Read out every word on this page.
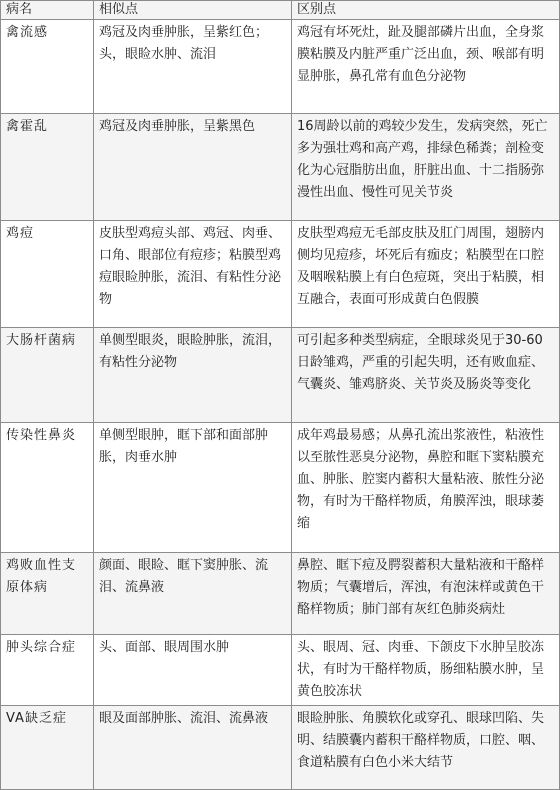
病名	相似点	区别点
禽流感	鸡冠及肉垂肿胀，呈紫红色；头，眼睑水肿、流泪	鸡冠有坏死灶，趾及腿部磷片出血，全身浆膜粘膜及内脏严重广泛出血，颈、喉部有明显肿胀，鼻孔常有血色分泌物
禽霍乱	鸡冠及肉垂肿胀，呈紫黑色	16周龄以前的鸡较少发生，发病突然，死亡多为强壮鸡和高产鸡，排绿色稀粪；剖检变化为心冠脂肪出血，肝脏出血、十二指肠弥漫性出血、慢性可见关节炎
鸡痘	皮肤型鸡痘头部、鸡冠、肉垂、口角、眼部位有痘疹；粘膜型鸡痘眼睑肿胀，流泪、有粘性分泌物	皮肤型鸡痘无毛部皮肤及肛门周围，翅膀内侧均见痘疹，坏死后有痂皮；粘膜型在口腔及咽喉粘膜上有白色痘斑，突出于粘膜，相互融合，表面可形成黄白色假膜
大肠杆菌病	单侧型眼炎，眼睑肿胀，流泪，有粘性分泌物	可引起多种类型病症，全眼球炎见于30-60日龄雏鸡，严重的引起失明，还有败血症、气囊炎、雏鸡脐炎、关节炎及肠炎等变化
传染性鼻炎	单侧型眼肿，眶下部和面部肿胀，肉垂水肿	成年鸡最易感；从鼻孔流出浆液性，粘液性以至脓性恶臭分泌物，鼻腔和眶下窦粘膜充血、肿胀、腔窦内蓄积大量粘液、脓性分泌物，有时为干酪样物质，角膜浑浊，眼球萎缩
鸡败血性支原体病	颜面、眼睑、眶下窦肿胀、流泪、流鼻液	鼻腔、眶下痘及腭裂蓄积大量粘液和干酪样物质；气囊增后，浑浊，有泡沫样或黄色干酪样物质；肺门部有灰红色肺炎病灶
肿头综合症	头、面部、眼周围水肿	头、眼周、冠、肉垂、下颌皮下水肿呈胶冻状，有时为干酪样物质，肠细粘膜水肿，呈黄色胶冻状
VA缺乏症	眼及面部肿胀、流泪、流鼻液	眼睑肿胀、角膜软化或穿孔、眼球凹陷、失明、结膜囊内蓄积干酪样物质，口腔、咽、食道粘膜有白色小米大结节
